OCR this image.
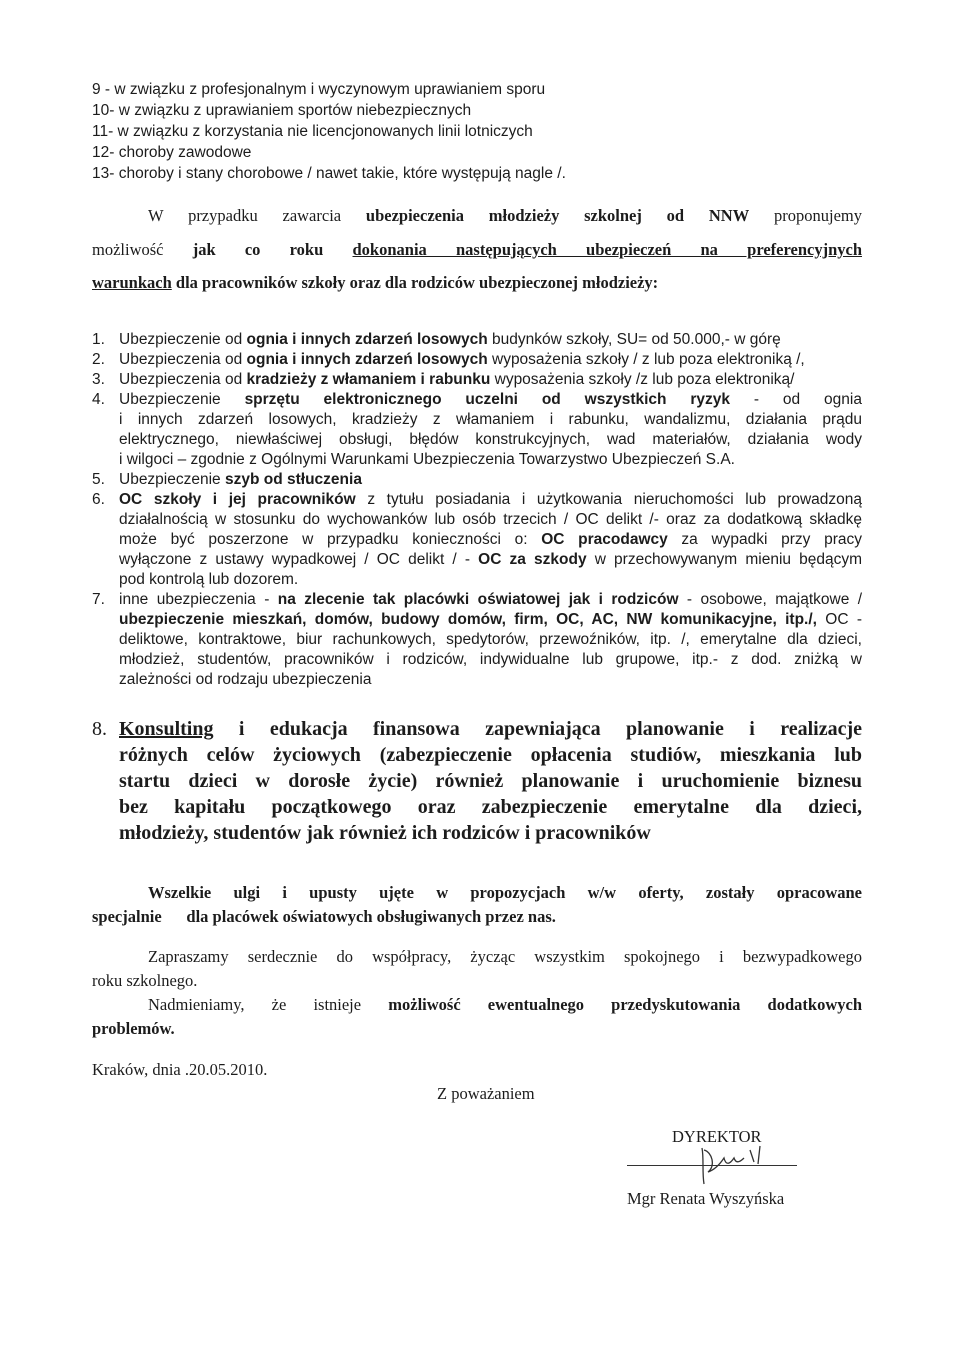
9 - w związku z profesjonalnym i wyczynowym uprawianiem sporu
10- w związku z uprawianiem sportów niebezpiecznych
11- w związku z korzystania nie licencjonowanych linii lotniczych
12- choroby zawodowe
13- choroby i stany chorobowe / nawet takie, które występują nagle /.
W przypadku zawarcia ubezpieczenia młodzieży szkolnej od NNW proponujemy
możliwość jak co roku dokonania następujących ubezpieczeń na preferencyjnych
warunkach dla pracowników szkoły oraz dla rodziców ubezpieczonej młodzieży:
1. Ubezpieczenie od ognia i innych zdarzeń losowych budynków szkoły, SU= od 50.000,- w górę
2. Ubezpieczenia od ognia i innych zdarzeń losowych wyposażenia szkoły / z lub poza elektroniką /,
3. Ubezpieczenia od kradzieży z włamaniem i rabunku wyposażenia szkoły /z lub poza elektroniką/
4. Ubezpieczenie sprzętu elektronicznego uczelni od wszystkich ryzyk - od ognia
i innych zdarzeń losowych, kradzieży z włamaniem i rabunku, wandalizmu, działania prądu
elektrycznego, niewłaściwej obsługi, błędów konstrukcyjnych, wad materiałów, działania wody
i wilgoci – zgodnie z Ogólnymi Warunkami Ubezpieczenia Towarzystwo Ubezpieczeń S.A.
5. Ubezpieczenie szyb od stłuczenia
6. OC szkoły i jej pracowników z tytułu posiadania i użytkowania nieruchomości lub prowadzoną
działalnością w stosunku do wychowanków lub osób trzecich / OC delikt /- oraz za dodatkową składkę
może być poszerzone w przypadku konieczności o: OC pracodawcy za wypadki przy pracy
wyłączone z ustawy wypadkowej / OC delikt / - OC za szkody w przechowywanym mieniu będącym
pod kontrolą lub dozorem.
7. inne ubezpieczenia - na zlecenie tak placówki oświatowej jak i rodziców - osobowe, majątkowe /
ubezpieczenie mieszkań, domów, budowy domów, firm, OC, AC, NW komunikacyjne, itp./, OC -
deliktowe, kontraktowe, biur rachunkowych, spedytorów, przewoźników, itp. /, emerytalne dla dzieci,
młodzież, studentów, pracowników i rodziców, indywidualne lub grupowe, itp.- z dod. zniżką w
zależności od rodzaju ubezpieczenia
8. Konsulting i edukacja finansowa zapewniająca planowanie i realizacje
różnych celów życiowych (zabezpieczenie opłacenia studiów, mieszkania lub
startu dzieci w dorosłe życie) również planowanie i uruchomienie biznesu
bez kapitału początkowego oraz zabezpieczenie emerytalne dla dzieci,
młodzieży, studentów jak również ich rodziców i pracowników
Wszelkie ulgi i upusty ujęte w propozycjach w/w oferty, zostały opracowane
specjalnie dla placówek oświatowych obsługiwanych przez nas.
Zapraszamy serdecznie do współpracy, życząc wszystkim spokojnego i bezwypadkowego
roku szkolnego.
Nadmieniamy, że istnieje możliwość ewentualnego przedyskutowania dodatkowych
problemów.
Kraków, dnia .20.05.2010.
Z poważaniem
DYREKTOR
Mgr Renata Wyszyńska
